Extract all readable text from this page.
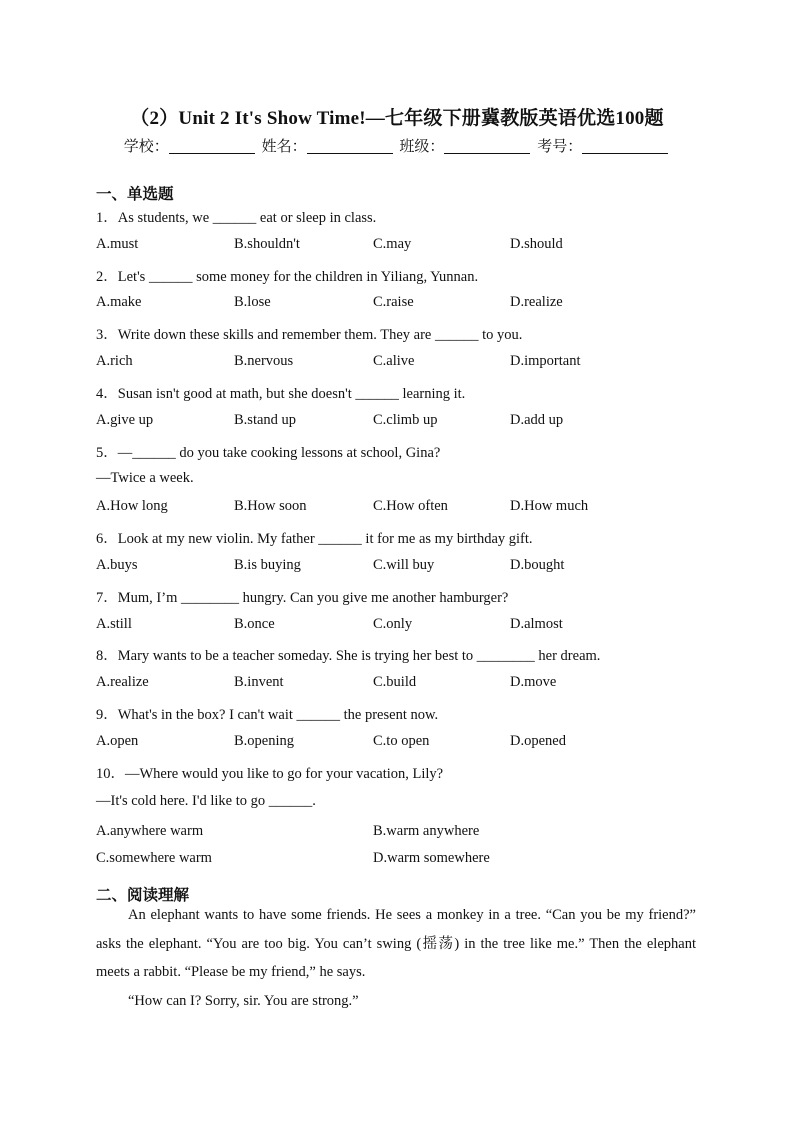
（2）Unit 2 It's Show Time!—七年级下册冀教版英语优选100题
学校：	姓名：	班级：	考号：
一、单选题
1．As students, we ______ eat or sleep in class.
A.must	B.shouldn't	C.may	D.should
2．Let's ______ some money for the children in Yiliang, Yunnan.
A.make	B.lose	C.raise	D.realize
3．Write down these skills and remember them. They are ______ to you.
A.rich	B.nervous	C.alive	D.important
4．Susan isn't good at math, but she doesn't ______ learning it.
A.give up	B.stand up	C.climb up	D.add up
5．—______ do you take cooking lessons at school, Gina?
—Twice a week.
A.How long	B.How soon	C.How often	D.How much
6．Look at my new violin. My father ______ it for me as my birthday gift.
A.buys	B.is buying	C.will buy	D.bought
7．Mum, I’m ________ hungry. Can you give me another hamburger?
A.still	B.once	C.only	D.almost
8．Mary wants to be a teacher someday. She is trying her best to ________ her dream.
A.realize	B.invent	C.build	D.move
9．What's in the box? I can't wait ______ the present now.
A.open	B.opening	C.to open	D.opened
10．—Where would you like to go for your vacation, Lily?
—It's cold here. I'd like to go ______.
A.anywhere warm	B.warm anywhere
C.somewhere warm	D.warm somewhere
二、阅读理解
An elephant wants to have some friends. He sees a monkey in a tree. “Can you be my friend?” asks the elephant. “You are too big. You can’t swing (摇荡) in the tree like me.” Then the elephant meets a rabbit. “Please be my friend,” he says.
“How can I? Sorry, sir. You are strong.”
